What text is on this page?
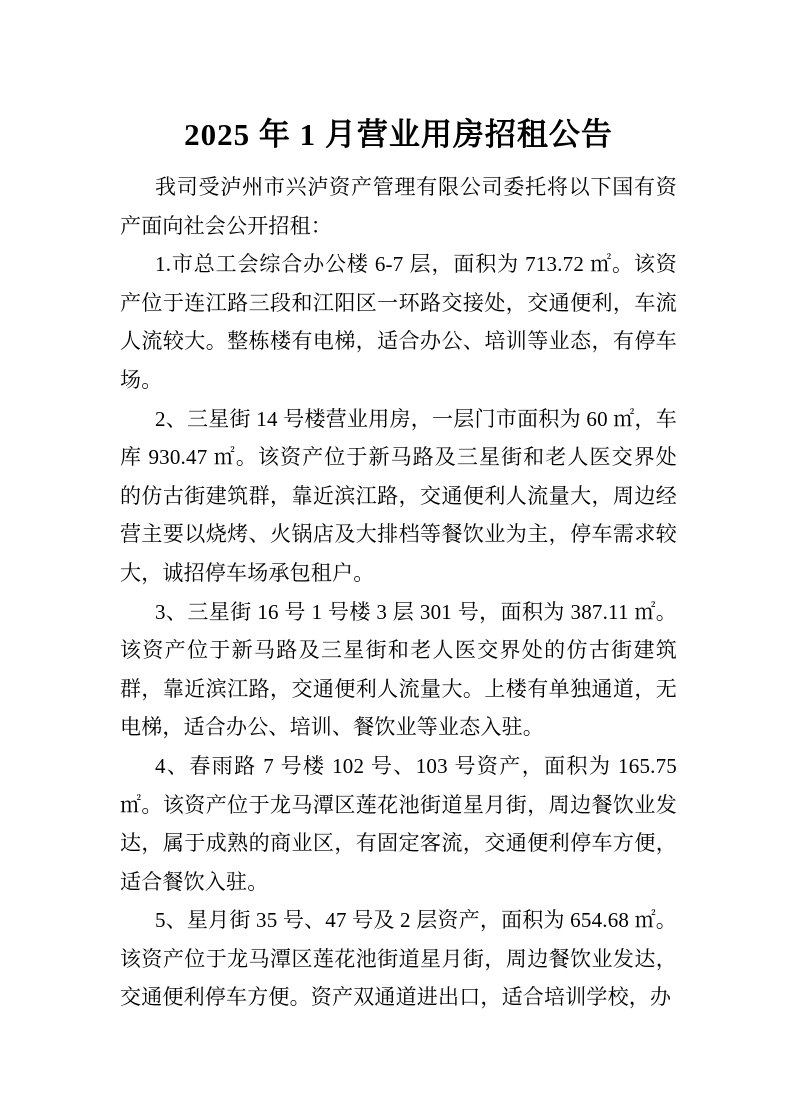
2025 年 1 月营业用房招租公告

我司受泸州市兴泸资产管理有限公司委托将以下国有资产面向社会公开招租：

1.市总工会综合办公楼 6-7 层，面积为 713.72 ㎡。该资产位于连江路三段和江阳区一环路交接处，交通便利，车流人流较大。整栋楼有电梯，适合办公、培训等业态，有停车场。

2、三星街 14 号楼营业用房，一层门市面积为 60 ㎡，车库 930.47 ㎡。该资产位于新马路及三星街和老人医交界处的仿古街建筑群，靠近滨江路，交通便利人流量大，周边经营主要以烧烤、火锅店及大排档等餐饮业为主，停车需求较大，诚招停车场承包租户。

3、三星街 16 号 1 号楼 3 层 301 号，面积为 387.11 ㎡。该资产位于新马路及三星街和老人医交界处的仿古街建筑群，靠近滨江路，交通便利人流量大。上楼有单独通道，无电梯，适合办公、培训、餐饮业等业态入驻。

4、春雨路 7 号楼 102 号、103 号资产，面积为 165.75 ㎡。该资产位于龙马潭区莲花池街道星月街，周边餐饮业发达，属于成熟的商业区，有固定客流，交通便利停车方便，适合餐饮入驻。

5、星月街 35 号、47 号及 2 层资产，面积为 654.68 ㎡。该资产位于龙马潭区莲花池街道星月街，周边餐饮业发达，交通便利停车方便。资产双通道进出口，适合培训学校，办
